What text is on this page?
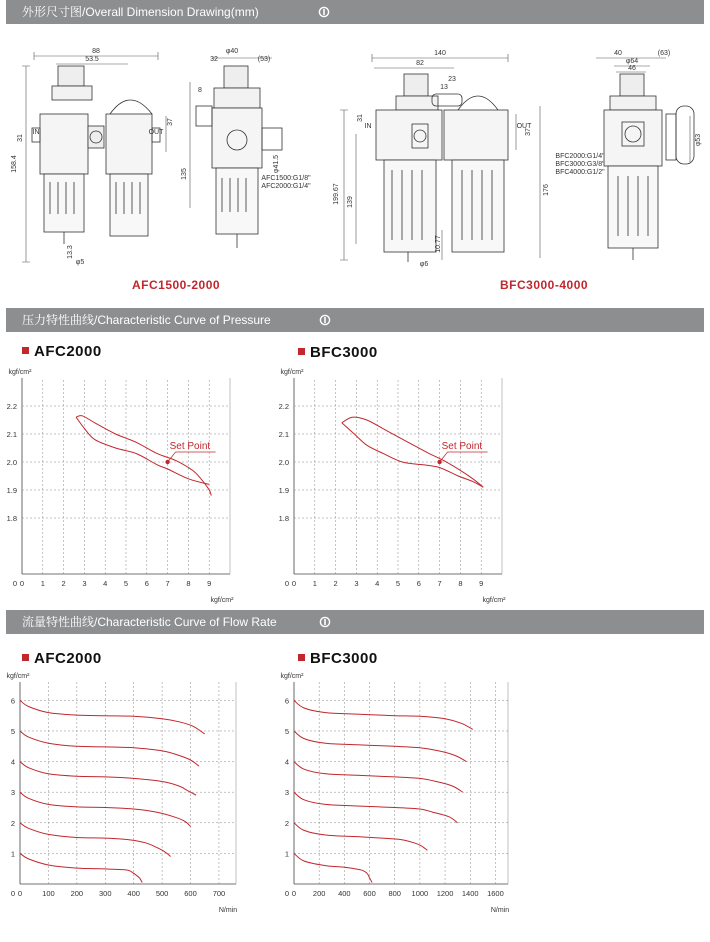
外形尺寸图/Overall Dimension Drawing(mm)
压力特性曲线/Characteristic Curve of Pressure
流量特性曲线/Characteristic Curve of Flow Rate
88
53.5
31
37
158.4
135
IN	OUT
13.3
φ5
φ40
32	(53)
8
φ41.5
AFC1500:G1/8"
AFC2000:G1/4"
140
82
23
13
31
37
IN	OUT
199.67 139
176
10.77
φ6
40	(63)
φ64
46
φ53
BFC2000:G1/4"
BFC3000:G3/8"
BFC4000:G1/2"
AFC1500-2000	BFC3000-4000
AFC2000	BFC3000
AFC2000	BFC3000
0 1 2 3 4 5 6 7 8 9
1.8
1.9
2.0
2.1
2.2
0
kgf/cm²
kgf/cm²
Set Point
0 1 2 3 4 5 6 7 8 9
1.8
1.9
2.0
2.1
2.2
0
kgf/cm²
kgf/cm²
Set Point
0	100 200 300 400 500 600 700
1
2
3
4
5
6
0
kgf/cm²
N/min
0 200 400 600 800 1000 1200 1400 1600
1
2
3
4
5
6
0
kgf/cm²
N/min
